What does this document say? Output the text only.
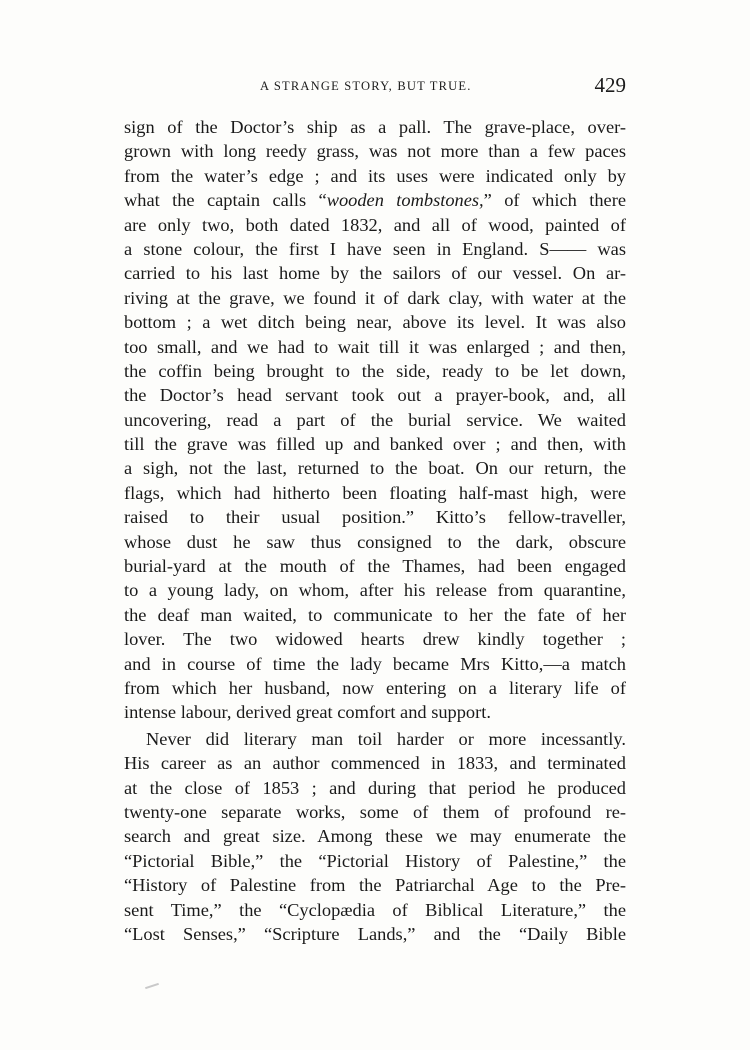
A STRANGE STORY, BUT TRUE.	429
sign of the Doctor’s ship as a pall. The grave-place, over-
grown with long reedy grass, was not more than a few paces
from the water’s edge ; and its uses were indicated only by
what the captain calls “wooden tombstones,” of which there
are only two, both dated 1832, and all of wood, painted of
a stone colour, the first I have seen in England. S—— was
carried to his last home by the sailors of our vessel. On ar-
riving at the grave, we found it of dark clay, with water at the
bottom ; a wet ditch being near, above its level. It was also
too small, and we had to wait till it was enlarged ; and then,
the coffin being brought to the side, ready to be let down,
the Doctor’s head servant took out a prayer-book, and, all
uncovering, read a part of the burial service. We waited
till the grave was filled up and banked over ; and then, with
a sigh, not the last, returned to the boat. On our return, the
flags, which had hitherto been floating half-mast high, were
raised to their usual position.” Kitto’s fellow-traveller,
whose dust he saw thus consigned to the dark, obscure
burial-yard at the mouth of the Thames, had been engaged
to a young lady, on whom, after his release from quarantine,
the deaf man waited, to communicate to her the fate of her
lover. The two widowed hearts drew kindly together ;
and in course of time the lady became Mrs Kitto,—a match
from which her husband, now entering on a literary life of
intense labour, derived great comfort and support.
Never did literary man toil harder or more incessantly.
His career as an author commenced in 1833, and terminated
at the close of 1853 ; and during that period he produced
twenty-one separate works, some of them of profound re-
search and great size. Among these we may enumerate the
“Pictorial Bible,” the “Pictorial History of Palestine,” the
“History of Palestine from the Patriarchal Age to the Pre-
sent Time,” the “Cyclopædia of Biblical Literature,” the
“Lost Senses,” “Scripture Lands,” and the “Daily Bible
